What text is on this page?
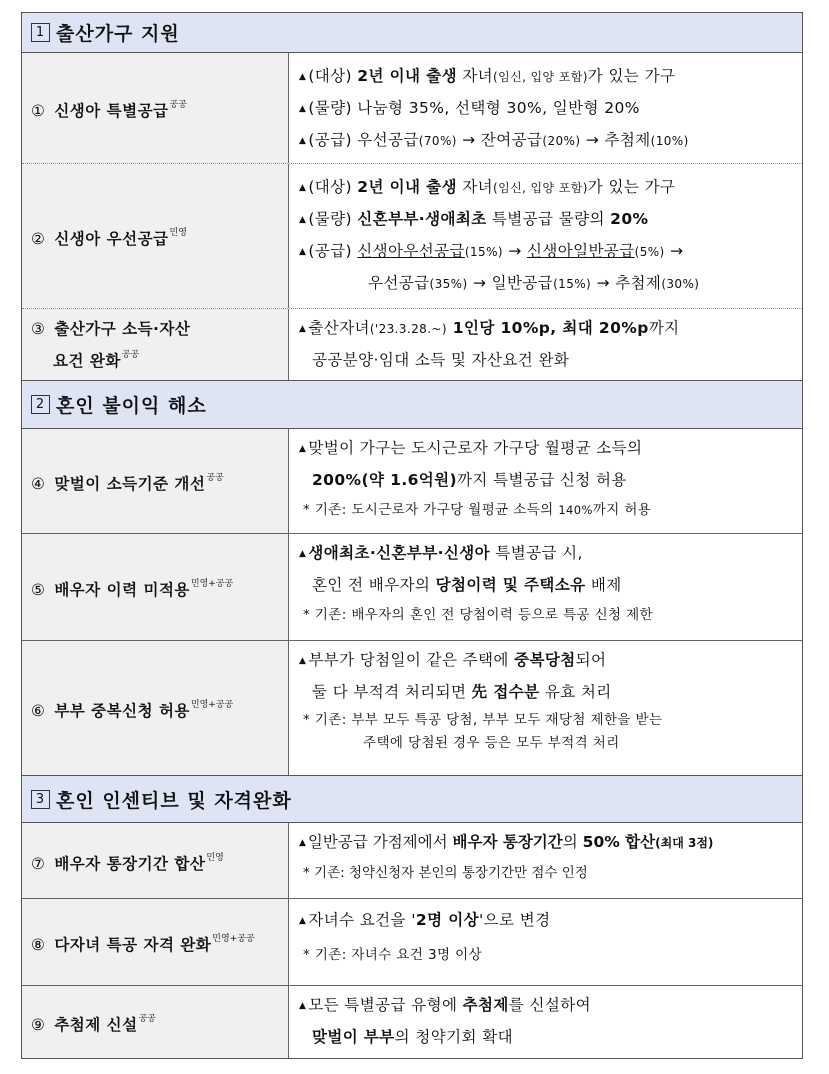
1 출산가구 지원
① 신생아 특별공급$^{공공}$
▲ (대상) 2년 이내 출생 자녀(임신, 입양 포함)가 있는 가구
▲ (물량) 나눔형 35%, 선택형 30%, 일반형 20%
▲ (공급) 우선공급(70%) → 잔여공급(20%) → 추첨제(10%)
② 신생아 우선공급$^{민영}$
▲ (대상) 2년 이내 출생 자녀(임신, 입양 포함)가 있는 가구
▲ (물량) 신혼부부·생애최초 특별공급 물량의 20%
▲ (공급) 신생아우선공급(15%) → 신생아일반공급(5%) →
우선공급(35%) → 일반공급(15%) → 추첨제(30%)
③ 출산가구 소득·자산
요건 완화$^{공공}$
▲ 출산자녀('23.3.28.~) 1인당 10%p, 최대 20%p까지
공공분양·임대 소득 및 자산요건 완화
2 혼인 불이익 해소
④ 맞벌이 소득기준 개선$^{공공}$
▲ 맞벌이 가구는 도시근로자 가구당 월평균 소득의
200%(약 1.6억원)까지 특별공급 신청 허용
* 기존: 도시근로자 가구당 월평균 소득의 140%까지 허용
⑤ 배우자 이력 미적용$^{민영+공공}$
▲ 생애최초·신혼부부·신생아 특별공급 시,
혼인 전 배우자의 당첨이력 및 주택소유 배제
* 기존: 배우자의 혼인 전 당첨이력 등으로 특공 신청 제한
⑥ 부부 중복신청 허용$^{민영+공공}$
▲ 부부가 당첨일이 같은 주택에 중복당첨되어
둘 다 부적격 처리되면 先 접수분 유효 처리
* 기존: 부부 모두 특공 당첨, 부부 모두 재당첨 제한을 받는
주택에 당첨된 경우 등은 모두 부적격 처리
3 혼인 인센티브 및 자격완화
⑦ 배우자 통장기간 합산$^{민영}$
▲ 일반공급 가점제에서 배우자 통장기간의 50% 합산(최대 3점)
* 기존: 청약신청자 본인의 통장기간만 점수 인정
⑧ 다자녀 특공 자격 완화$^{민영+공공}$
▲ 자녀수 요건을 '2명 이상'으로 변경
* 기존: 자녀수 요건 3명 이상
⑨ 추첨제 신설$^{공공}$
▲ 모든 특별공급 유형에 추첨제를 신설하여
맞벌이 부부의 청약기회 확대
